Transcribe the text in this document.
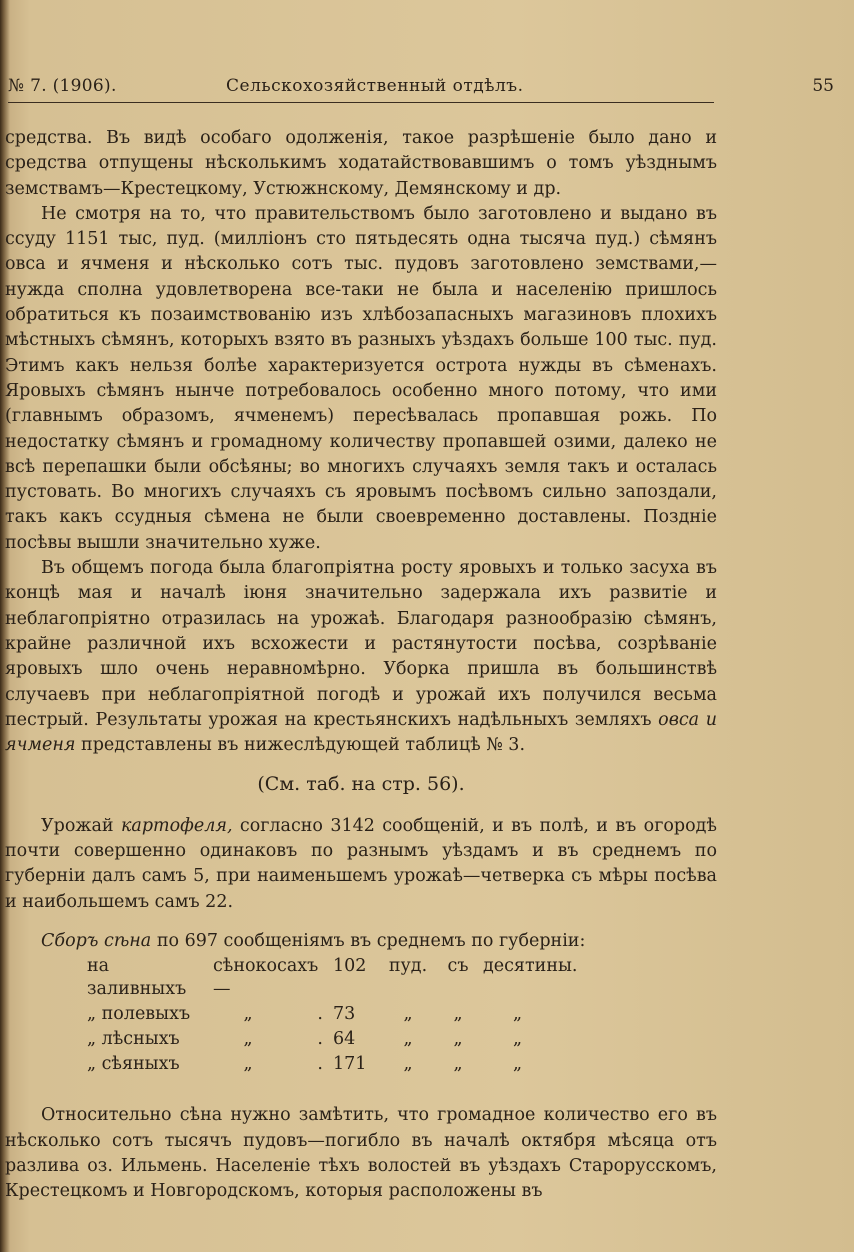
№ 7. (1906).	Сельскохозяйственный отдѣлъ.	55

средства. Въ видѣ особаго одолженія, такое разрѣшеніе было дано и средства отпущены нѣсколькимъ ходатайствовавшимъ о томъ уѣзднымъ земствамъ—Крестецкому, Устюжнскому, Демянскому и др.

Не смотря на то, что правительствомъ было заготовлено и выдано въ ссуду 1151 тыс, пуд. (милліонъ сто пятьдесять одна тысяча пуд.) сѣмянъ овса и ячменя и нѣсколько сотъ тыс. пудовъ заготовлено земствами,—нужда сполна удовлетворена все-таки не была и населенію пришлось обратиться къ позаимствованію изъ хлѣбозапасныхъ магазиновъ плохихъ мѣстныхъ сѣмянъ, которыхъ взято въ разныхъ уѣздахъ больше 100 тыс. пуд. Этимъ какъ нельзя болѣе характеризуется острота нужды въ сѣменахъ. Яровыхъ сѣмянъ нынче потребовалось особенно много потому, что ими (главнымъ образомъ, ячменемъ) пересѣвалась пропавшая рожь. По недостатку сѣмянъ и громадному количеству пропавшей озими, далеко не всѣ перепашки были обсѣяны; во многихъ случаяхъ земля такъ и осталась пустовать. Во многихъ случаяхъ съ яровымъ посѣвомъ сильно запоздали, такъ какъ ссудныя сѣмена не были своевременно доставлены. Поздніе посѣвы вышли значительно хуже.

Въ общемъ погода была благопріятна росту яровыхъ и только засуха въ концѣ мая и началѣ іюня значительно задержала ихъ развитіе и неблагопріятно отразилась на урожаѣ. Благодаря разнообразію сѣмянъ, крайне различной ихъ всхожести и растянутости посѣва, созрѣваніе яровыхъ шло очень неравномѣрно. Уборка пришла въ большинствѣ случаевъ при неблагопріятной погодѣ и урожай ихъ получился весьма пестрый. Результаты урожая на крестьянскихъ надѣльныхъ земляхъ овса и ячменя представлены въ нижеслѣдующей таблицѣ № 3.

(См. таб. на стр. 56).

Урожай картофеля, согласно 3142 сообщеній, и въ полѣ, и въ огородѣ почти совершенно одинаковъ по разнымъ уѣздамъ и въ среднемъ по губерніи далъ самъ 5, при наименьшемъ урожаѣ—четверка съ мѣры посѣва и наибольшемъ самъ 22.

Сборъ сѣна по 697 сообщеніямъ въ среднемъ по губерніи:

на заливныхъ	сѣнокосахъ—	102	пуд.	съ	десятины.
„ полевыхъ	„ .	73	„	„	„
„ лѣсныхъ	„ .	64	„	„	„
„ сѣяныхъ	„ .	171	„	„	„

Относительно сѣна нужно замѣтить, что громадное количество его въ нѣсколько сотъ тысячъ пудовъ—погибло въ началѣ октября мѣсяца отъ разлива оз. Ильмень. Населеніе тѣхъ волостей въ уѣздахъ Старорусскомъ, Крестецкомъ и Новгородскомъ, которыя расположены въ
